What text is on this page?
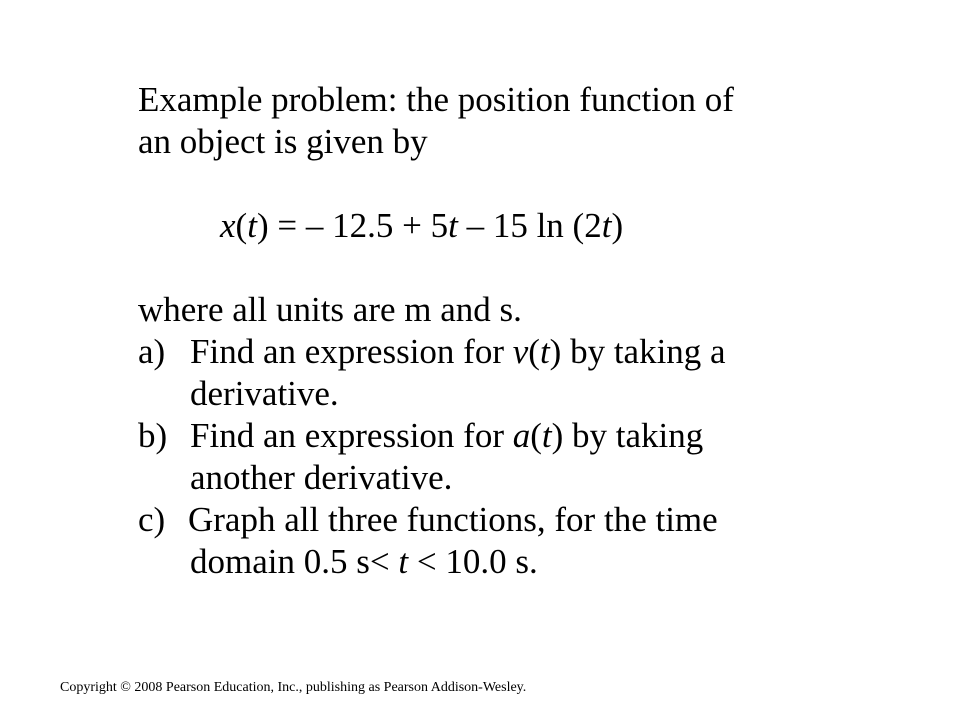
Example problem: the position function of
an object is given by
x(t) = – 12.5 + 5t – 15 ln (2t)
where all units are m and s.
a) Find an expression for v(t) by taking a
derivative.
b) Find an expression for a(t) by taking
another derivative.
c) Graph all three functions, for the time
domain 0.5 s< t < 10.0 s.
Copyright © 2008 Pearson Education, Inc., publishing as Pearson Addison-Wesley.
